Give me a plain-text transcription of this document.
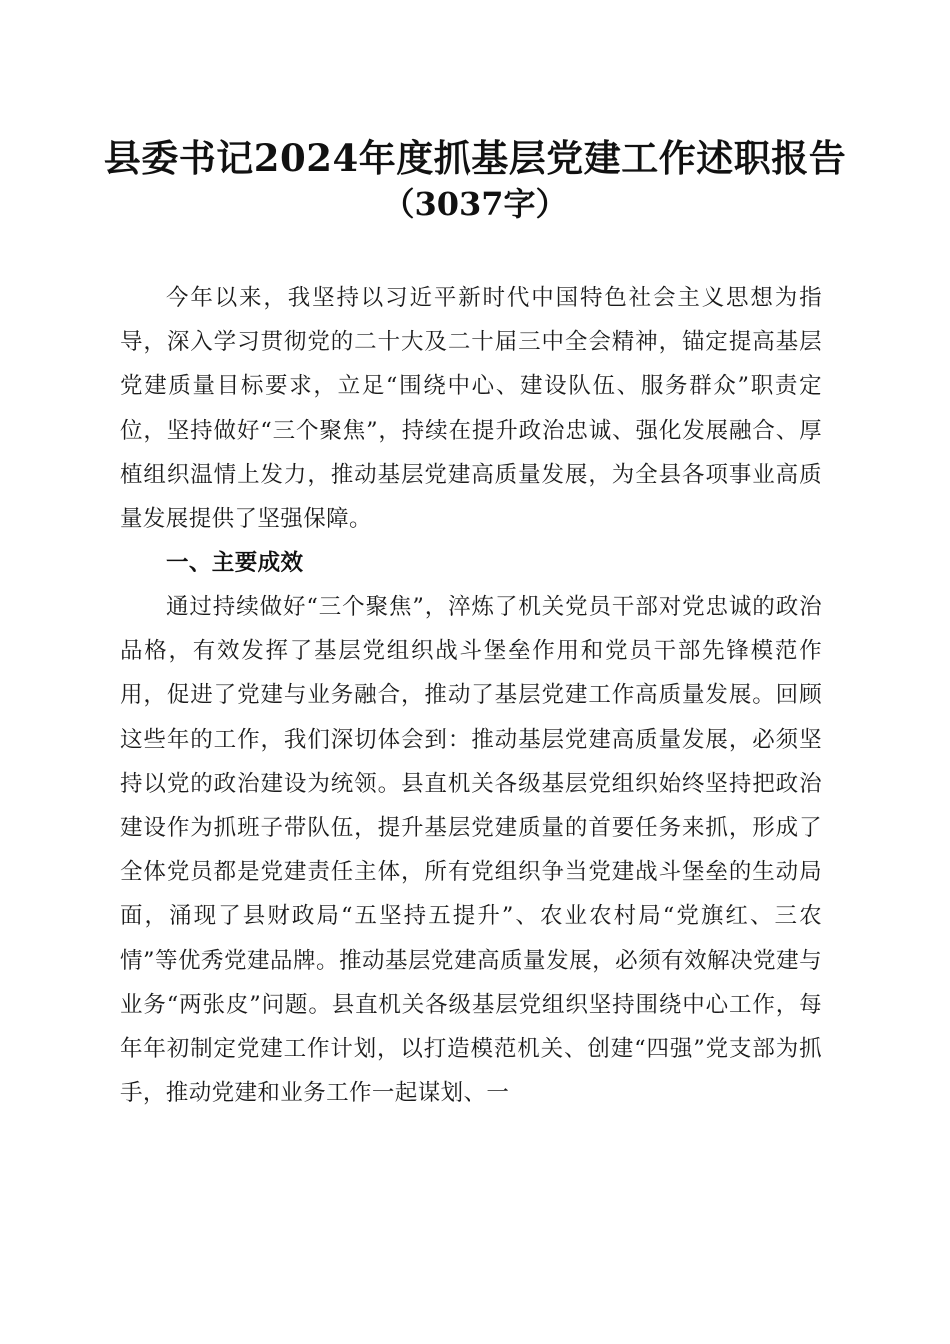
县委书记2024年度抓基层党建工作述职报告
（3037字）
今年以来，我坚持以习近平新时代中国特色社会主义思想为指导，深入学习贯彻党的二十大及二十届三中全会精神，锚定提高基层党建质量目标要求，立足“围绕中心、建设队伍、服务群众”职责定位，坚持做好“三个聚焦”，持续在提升政治忠诚、强化发展融合、厚植组织温情上发力，推动基层党建高质量发展，为全县各项事业高质量发展提供了坚强保障。
一、主要成效
通过持续做好“三个聚焦”，淬炼了机关党员干部对党忠诚的政治品格，有效发挥了基层党组织战斗堡垒作用和党员干部先锋模范作用，促进了党建与业务融合，推动了基层党建工作高质量发展。回顾这些年的工作，我们深切体会到：推动基层党建高质量发展，必须坚持以党的政治建设为统领。县直机关各级基层党组织始终坚持把政治建设作为抓班子带队伍，提升基层党建质量的首要任务来抓，形成了全体党员都是党建责任主体，所有党组织争当党建战斗堡垒的生动局面，涌现了县财政局“五坚持五提升”、农业农村局“党旗红、三农情”等优秀党建品牌。推动基层党建高质量发展，必须有效解决党建与业务“两张皮”问题。县直机关各级基层党组织坚持围绕中心工作，每年年初制定党建工作计划，以打造模范机关、创建“四强”党支部为抓手，推动党建和业务工作一起谋划、一
